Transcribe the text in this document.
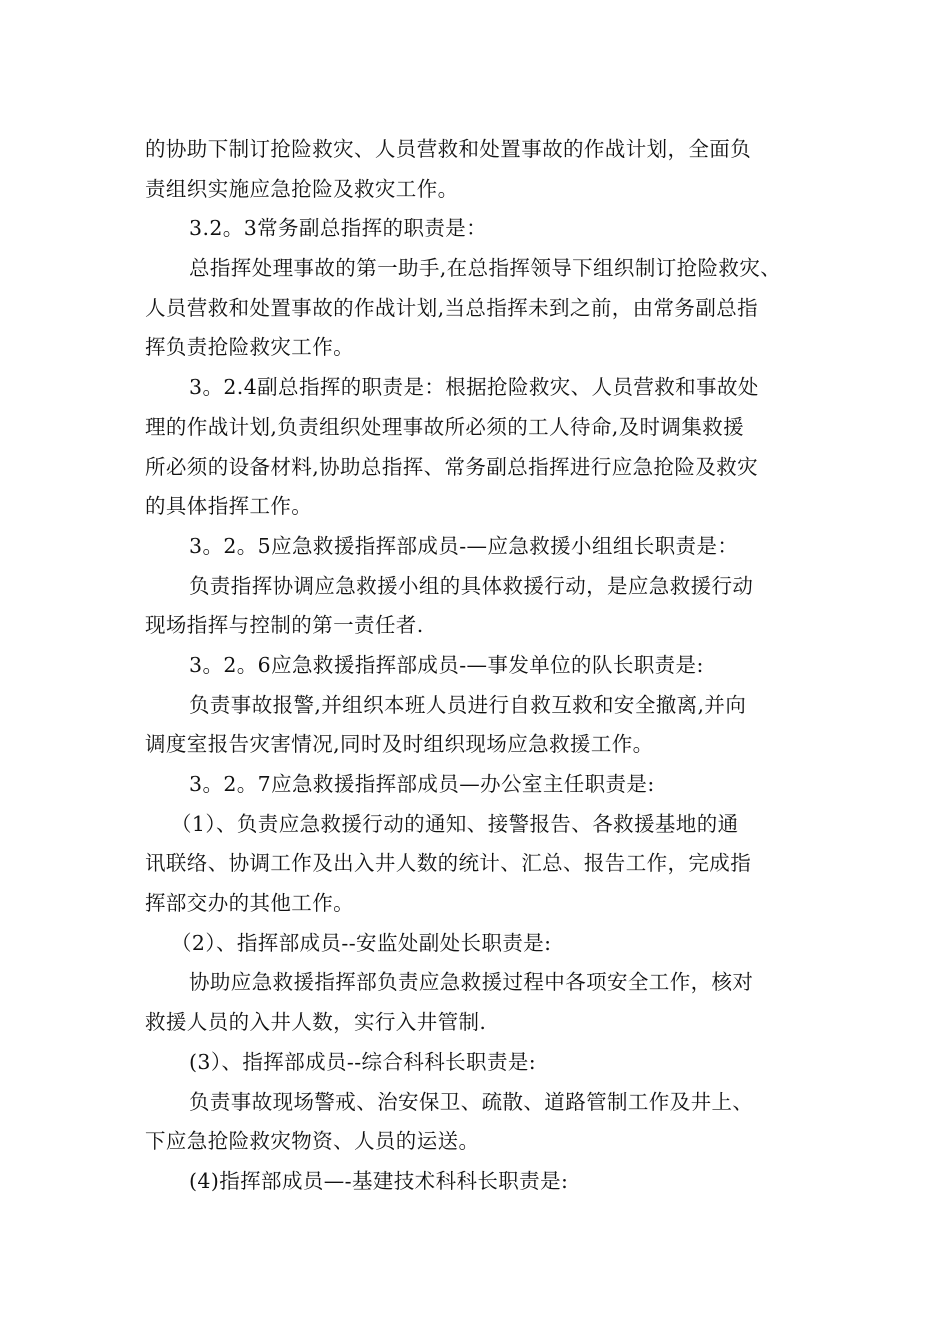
的协助下制订抢险救灾、人员营救和处置事故的作战计划，全面负
责组织实施应急抢险及救灾工作。
3.2。3常务副总指挥的职责是：
总指挥处理事故的第一助手,在总指挥领导下组织制订抢险救灾、
人员营救和处置事故的作战计划,当总指挥未到之前，由常务副总指
挥负责抢险救灾工作。
3。2.4副总指挥的职责是：根据抢险救灾、人员营救和事故处
理的作战计划,负责组织处理事故所必须的工人待命,及时调集救援
所必须的设备材料,协助总指挥、常务副总指挥进行应急抢险及救灾
的具体指挥工作。
3。2。5应急救援指挥部成员-—应急救援小组组长职责是：
负责指挥协调应急救援小组的具体救援行动，是应急救援行动
现场指挥与控制的第一责任者.
3。2。6应急救援指挥部成员-—事发单位的队长职责是:
负责事故报警,并组织本班人员进行自救互救和安全撤离,并向
调度室报告灾害情况,同时及时组织现场应急救援工作。
3。2。7应急救援指挥部成员—办公室主任职责是:
（1）、负责应急救援行动的通知、接警报告、各救援基地的通
讯联络、协调工作及出入井人数的统计、汇总、报告工作，完成指
挥部交办的其他工作。
（2）、指挥部成员--安监处副处长职责是:
协助应急救援指挥部负责应急救援过程中各项安全工作，核对
救援人员的入井人数，实行入井管制.
(3）、指挥部成员--综合科科长职责是:
负责事故现场警戒、治安保卫、疏散、道路管制工作及井上、
下应急抢险救灾物资、人员的运送。
(4)指挥部成员—-基建技术科科长职责是:
